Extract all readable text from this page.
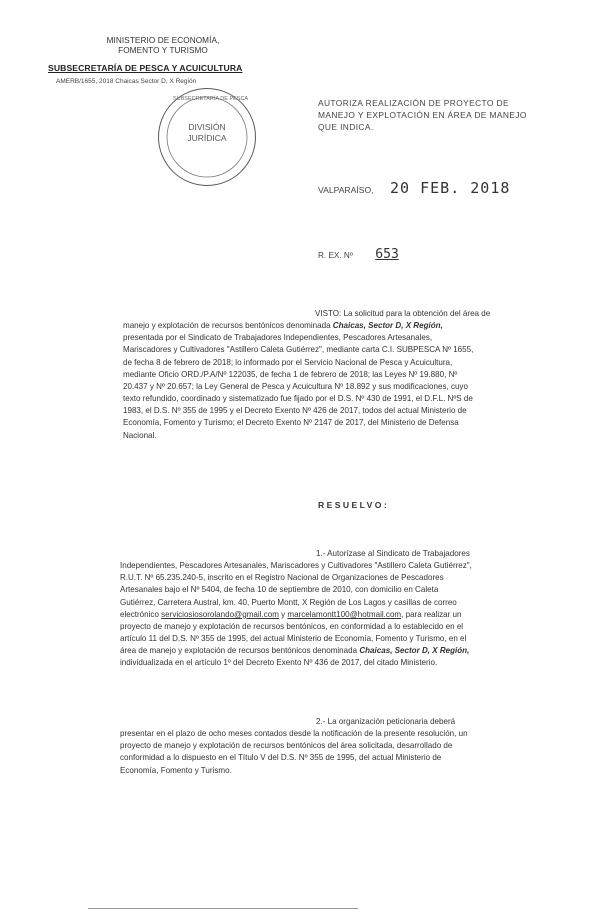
MINISTERIO DE ECONOMÍA,
FOMENTO Y TURISMO
SUBSECRETARÍA DE PESCA Y ACUICULTURA
AMERB/1655, 2018 Chaicas Sector D, X Región
SUBSECRETARÍA DE PESCA
DIVISIÓN
JURÍDICA
AUTORIZA REALIZACIÓN DE PROYECTO DE
MANEJO Y EXPLOTACIÓN EN ÁREA DE MANEJO
QUE INDICA.
VALPARAÍSO, 20 FEB. 2018
R. EX. Nº 653

VISTO: La solicitud para la obtención del área de

manejo y explotación de recursos bentónicos denominada Chaicas, Sector D, X Región,

presentada por el Sindicato de Trabajadores Independientes, Pescadores Artesanales,

Mariscadores y Cultivadores "Astillero Caleta Gutiérrez", mediante carta C.I. SUBPESCA Nº 1655,

de fecha 8 de febrero de 2018; lo informado por el Servicio Nacional de Pesca y Acuicultura,

mediante Oficio ORD./P.A/Nº 122035, de fecha 1 de febrero de 2018; las Leyes Nº 19.880, Nº

20.437 y Nº 20.657; la Ley General de Pesca y Acuicultura Nº 18.892 y sus modificaciones, cuyo

texto refundido, coordinado y sistematizado fue fijado por el D.S. Nº 430 de 1991, el D.F.L. NºS de

1983, el D.S. Nº 355 de 1995 y el Decreto Exento Nº 426 de 2017, todos del actual Ministerio de

Economía, Fomento y Turismo; el Decreto Exento Nº 2147 de 2017, del Ministerio de Defensa

Nacional.

RESUELVO:

1.- Autorízase al Sindicato de Trabajadores

Independientes, Pescadores Artesanales, Mariscadores y Cultivadores "Astillero Caleta Gutiérrez",

R.U.T. Nº 65.235.240-5, inscrito en el Registro Nacional de Organizaciones de Pescadores

Artesanales bajo el Nº 5404, de fecha 10 de septiembre de 2010, con domicilio en Caleta

Gutiérrez, Carretera Austral, km. 40, Puerto Montt, X Región de Los Lagos y casillas de correo

electrónico serviciosiosorolando@gmail.com y marcelamontt100@hotmail.com, para realizar un

proyecto de manejo y explotación de recursos bentónicos, en conformidad a lo establecido en el

artículo 11 del D.S. Nº 355 de 1995, del actual Ministerio de Economía, Fomento y Turismo, en el

área de manejo y explotación de recursos bentónicos denominada Chaicas, Sector D, X Región,

individualizada en el artículo 1º del Decreto Exento Nº 436 de 2017, del citado Ministerio.

2.- La organización peticionaria deberá

presentar en el plazo de ocho meses contados desde la notificación de la presente resolución, un

proyecto de manejo y explotación de recursos bentónicos del área solicitada, desarrollado de

conformidad a lo dispuesto en el Título V del D.S. Nº 355 de 1995, del actual Ministerio de

Economía, Fomento y Turismo.
